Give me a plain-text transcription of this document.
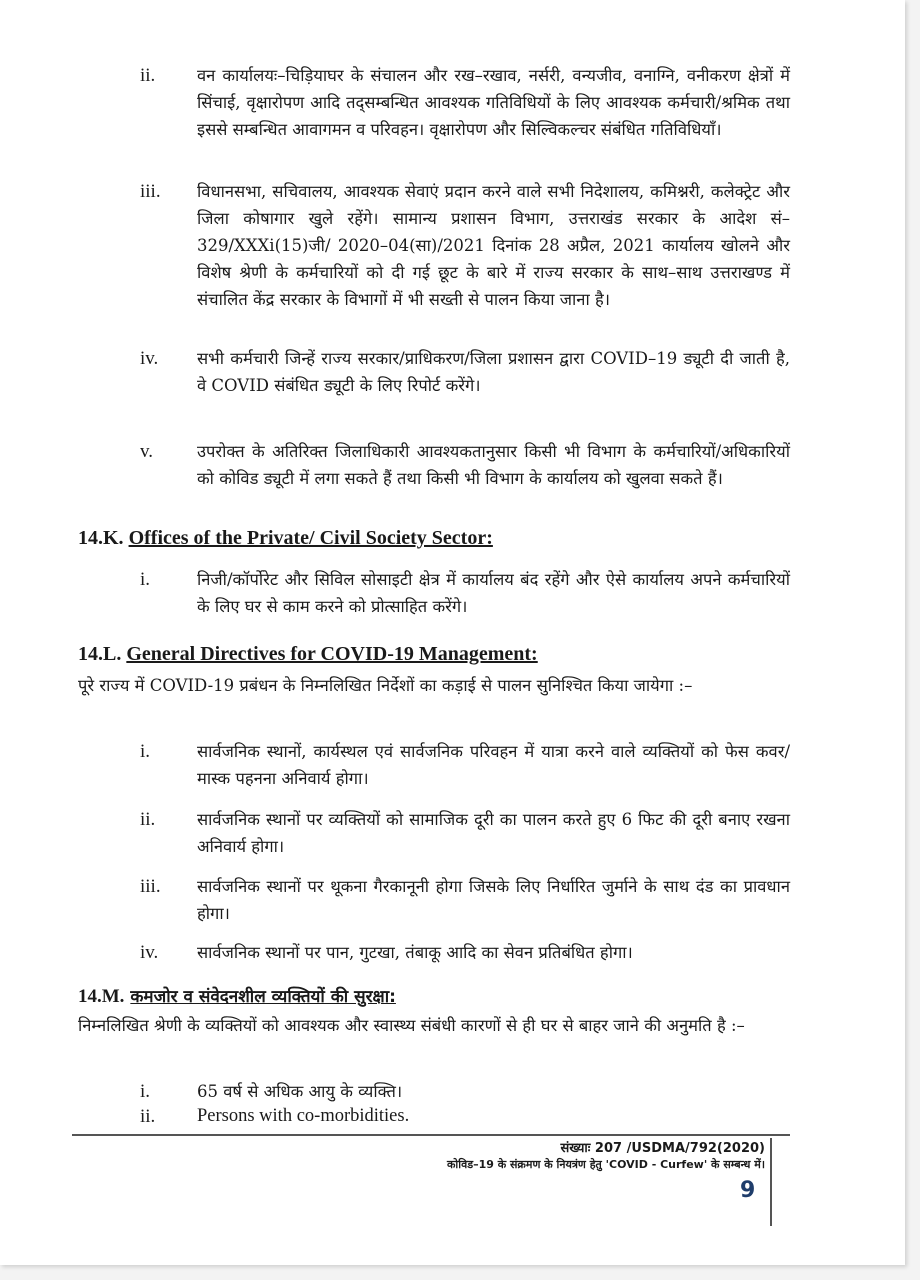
ii.	वन कार्यालयः–चिड़ियाघर के संचालन और रख–रखाव, नर्सरी, वन्यजीव, वनाग्नि, वनीकरण क्षेत्रों में सिंचाई, वृक्षारोपण आदि तद्सम्बन्धित आवश्यक गतिविधियों के लिए आवश्यक कर्मचारी/श्रमिक तथा इससे सम्बन्धित आवागमन व परिवहन। वृक्षारोपण और सिल्विकल्चर संबंधित गतिविधियाँ।
iii.	विधानसभा, सचिवालय, आवश्यक सेवाएं प्रदान करने वाले सभी निदेशालय, कमिश्नरी, कलेक्ट्रेट और जिला कोषागार खुले रहेंगे। सामान्य प्रशासन विभाग, उत्तराखंड सरकार के आदेश सं–329/XXXi(15)जी/ 2020–04(सा)/2021 दिनांक 28 अप्रैल, 2021 कार्यालय खोलने और विशेष श्रेणी के कर्मचारियों को दी गई छूट के बारे में राज्य सरकार के साथ–साथ उत्तराखण्ड में संचालित केंद्र सरकार के विभागों में भी सख्ती से पालन किया जाना है।
iv.	सभी कर्मचारी जिन्हें राज्य सरकार/प्राधिकरण/जिला प्रशासन द्वारा COVID–19 ड्यूटी दी जाती है, वे COVID संबंधित ड्यूटी के लिए रिपोर्ट करेंगे।
v.	उपरोक्त के अतिरिक्त जिलाधिकारी आवश्यकतानुसार किसी भी विभाग के कर्मचारियों/अधिकारियों को कोविड ड्यूटी में लगा सकते हैं तथा किसी भी विभाग के कार्यालय को खुलवा सकते हैं।
14.K. Offices of the Private/ Civil Society Sector:
i.	निजी/कॉर्पोरेट और सिविल सोसाइटी क्षेत्र में कार्यालय बंद रहेंगे और ऐसे कार्यालय अपने कर्मचारियों के लिए घर से काम करने को प्रोत्साहित करेंगे।
14.L. General Directives for COVID-19 Management:
पूरे राज्य में COVID-19 प्रबंधन के निम्नलिखित निर्देशों का कड़ाई से पालन सुनिश्चित किया जायेगा :–
i.	सार्वजनिक स्थानों, कार्यस्थल एवं सार्वजनिक परिवहन में यात्रा करने वाले व्यक्तियों को फेस कवर/मास्क पहनना अनिवार्य होगा।
ii.	सार्वजनिक स्थानों पर व्यक्तियों को सामाजिक दूरी का पालन करते हुए 6 फिट की दूरी बनाए रखना अनिवार्य होगा।
iii.	सार्वजनिक स्थानों पर थूकना गैरकानूनी होगा जिसके लिए निर्धारित जुर्माने के साथ दंड का प्रावधान होगा।
iv.	सार्वजनिक स्थानों पर पान, गुटखा, तंबाकू आदि का सेवन प्रतिबंधित होगा।
14.M. कमजोर व संवेदनशील व्यक्तियों की सुरक्षा:
निम्नलिखित श्रेणी के व्यक्तियों को आवश्यक और स्वास्थ्य संबंधी कारणों से ही घर से बाहर जाने की अनुमति है :–
i.	65 वर्ष से अधिक आयु के व्यक्ति।
ii.	Persons with co-morbidities.
संख्याः 207 /USDMA/792(2020)
कोविड–19 के संक्रमण के नियत्रंण हेतु 'COVID - Curfew' के सम्बन्ध में।
9
